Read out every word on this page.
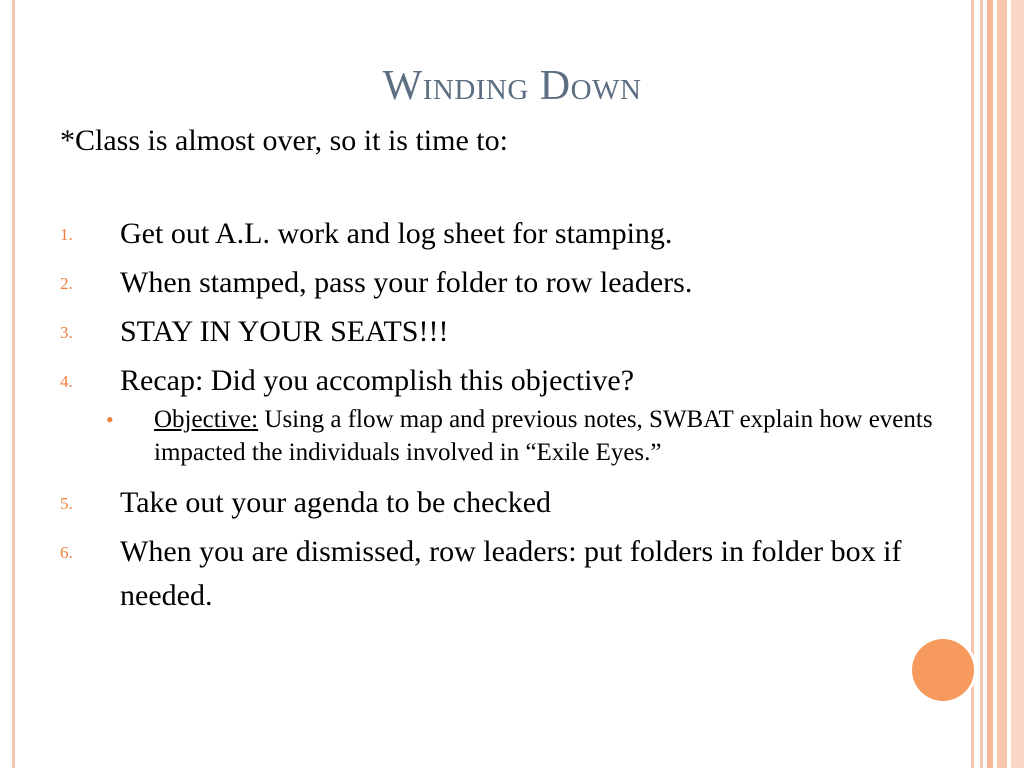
Winding Down

*Class is almost over, so it is time to:

1. Get out A.L. work and log sheet for stamping.
2. When stamped, pass your folder to row leaders.
3. STAY IN YOUR SEATS!!!
4. Recap: Did you accomplish this objective?

• Objective: Using a flow map and previous notes, SWBAT explain how events impacted the individuals involved in “Exile Eyes.”

5. Take out your agenda to be checked
6. When you are dismissed, row leaders: put folders in folder box if needed.
